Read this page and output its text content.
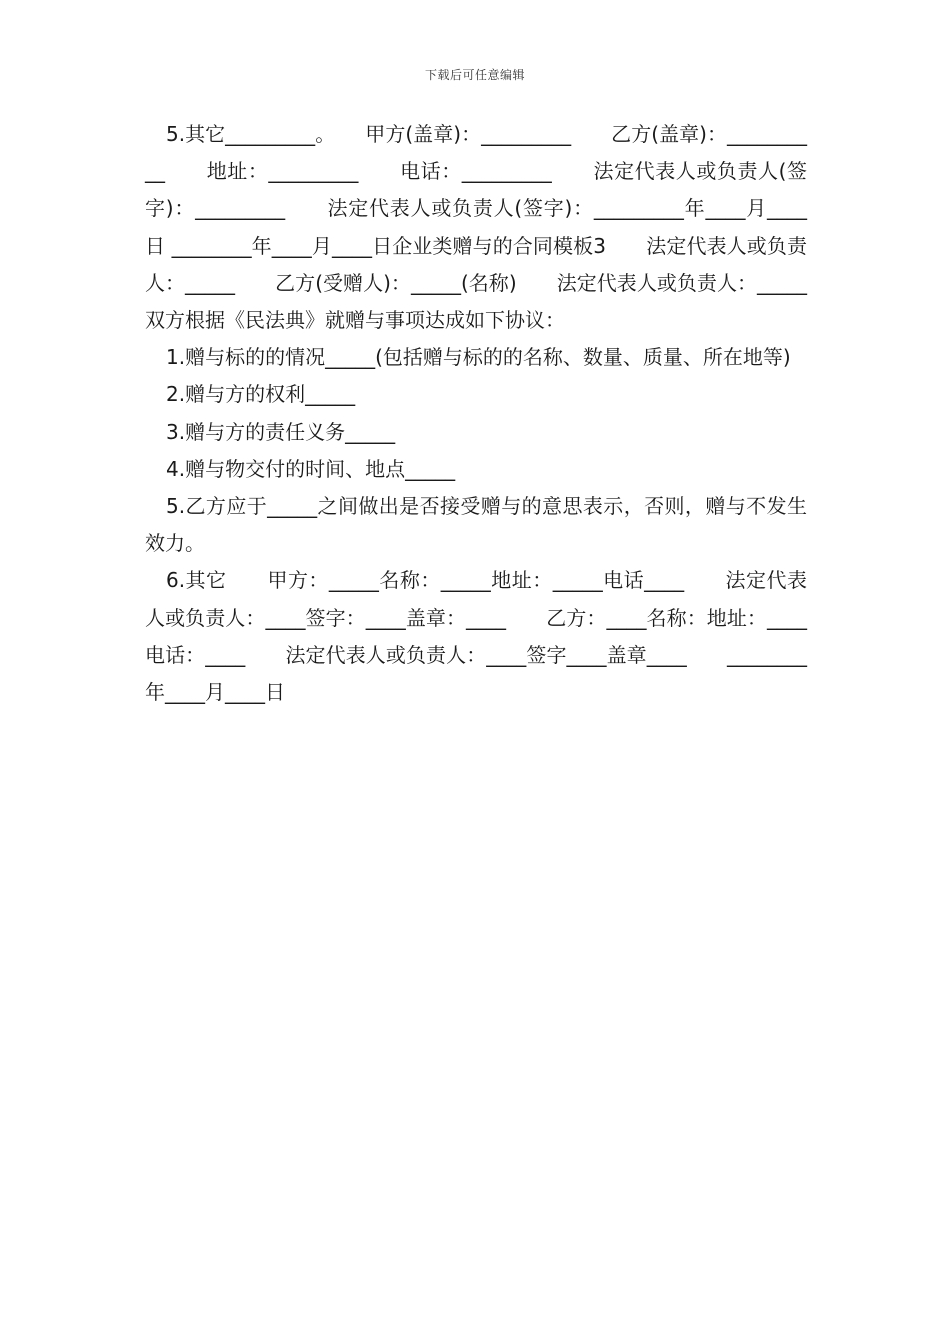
下载后可任意编辑

5.其它_________。　　甲方(盖章)：_________　　乙方(盖章)：__________　　地址：_________　　电话：_________　　法定代表人或负责人(签字)：_________　　法定代表人或负责人(签字)：_________年____月____日 ________年____月____日企业类赠与的合同模板3　　法定代表人或负责人：_____　　乙方(受赠人)：_____(名称)　　法定代表人或负责人：_____　　双方根据《民法典》就赠与事项达成如下协议：

1.赠与标的的情况_____(包括赠与标的的名称、数量、质量、所在地等)

2.赠与方的权利_____

3.赠与方的责任义务_____

4.赠与物交付的时间、地点_____

5.乙方应于_____之间做出是否接受赠与的意思表示，否则，赠与不发生效力。

6.其它　　甲方：_____名称：_____地址：_____电话____　　法定代表人或负责人：____签字：____盖章：____　　乙方：____名称：地址：____电话：____　　法定代表人或负责人：____签字____盖章____　　________年____月____日
